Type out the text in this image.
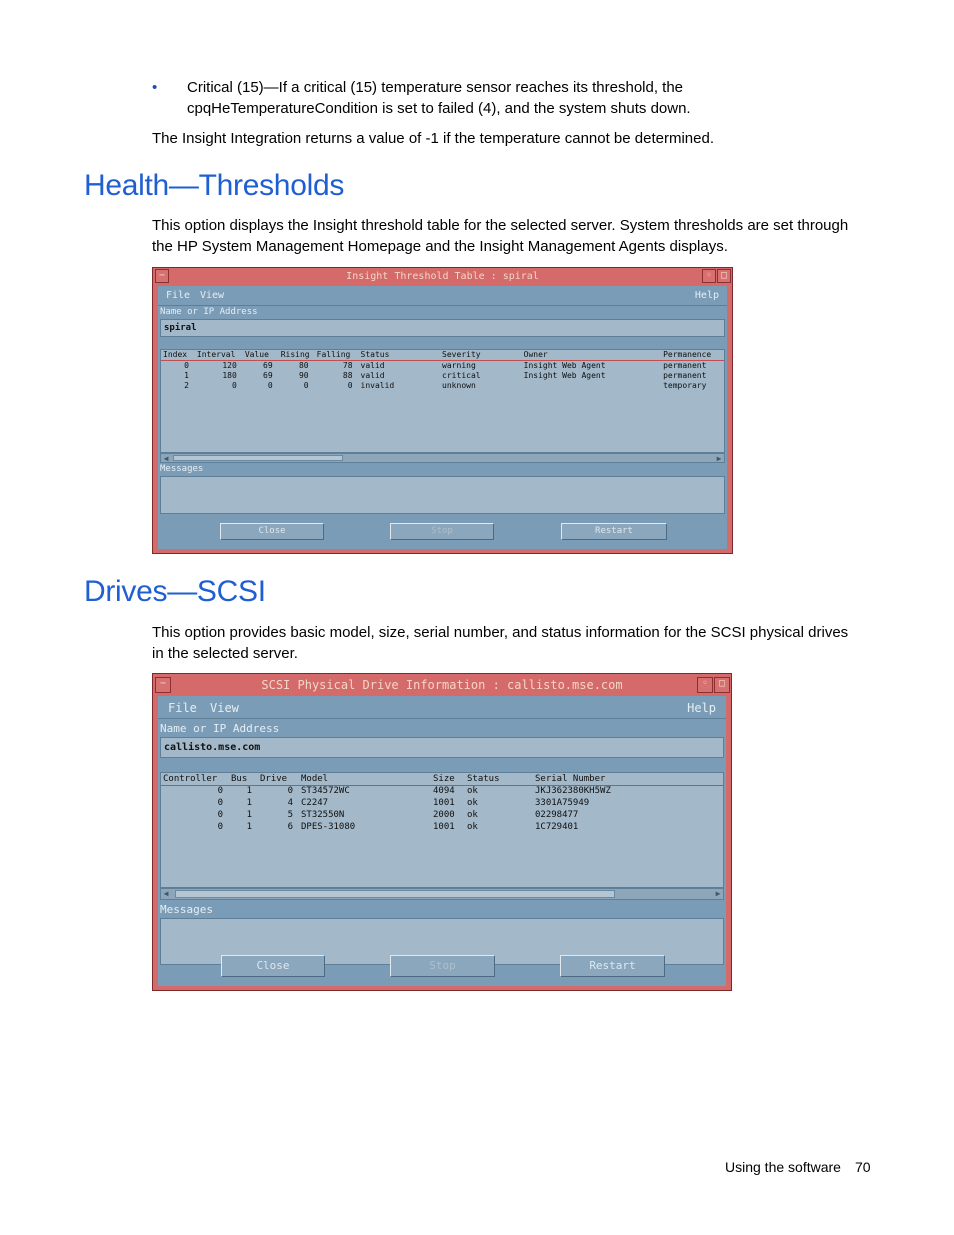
• Critical (15)—If a critical (15) temperature sensor reaches its threshold, the
cpqHeTemperatureCondition is set to failed (4), and the system shuts down.
The Insight Integration returns a value of -1 if the temperature cannot be determined.
Health—Thresholds
This option displays the Insight threshold table for the selected server. System thresholds are set through
the HP System Management Homepage and the Insight Management Agents displays.
Insight Threshold Table : spiral
−	◦ □
File View	Help
Name or IP Address
spiral
Index	Interval	Value	Rising	Falling	Status	Severity	Owner	Permanence
0	120	69	80	78	valid	warning	Insight Web Agent	permanent
1	180	69	90	88	valid	critical	Insight Web Agent	permanent
2	0	0	0	0	invalid	unknown		temporary
◀	▶
Messages
Close	Stop	Restart
Drives—SCSI
This option provides basic model, size, serial number, and status information for the SCSI physical drives
in the selected server.
SCSI Physical Drive Information : callisto.mse.com
−	◦	□
File View	Help
Name or IP Address
callisto.mse.com
Controller	Bus	Drive	Model	Size	Status	Serial Number
0	1	0	ST34572WC	4094	ok	JKJ362380KH5WZ
0	1	4	C2247	1001	ok	3301A75949
0	1	5	ST32550N	2000	ok	02298477
0	1	6	DPES-31080	1001	ok	1C729401
◀	▶
Messages
Close	Stop	Restart
Using the software 70
